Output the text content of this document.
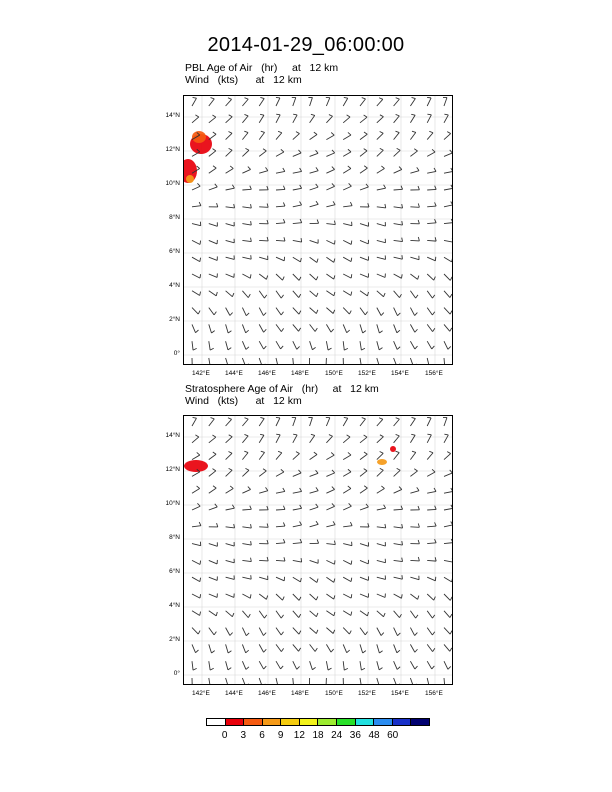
2014-01-29_06:00:00
PBL Age of Air   (hr)     at   12 km
Wind   (kts)      at   12 km
Stratosphere Age of Air   (hr)     at   12 km
Wind   (kts)      at   12 km
14°N
12°N
10°N
8°N
6°N
4°N
2°N
0°
142°E 144°E 146°E 148°E 150°E 152°E 154°E 156°E
14°N
12°N
10°N
8°N
6°N
4°N
2°N
0°
142°E 144°E 146°E 148°E 150°E 152°E 154°E 156°E
0 3 6 9 12 18 24 36 48 60
